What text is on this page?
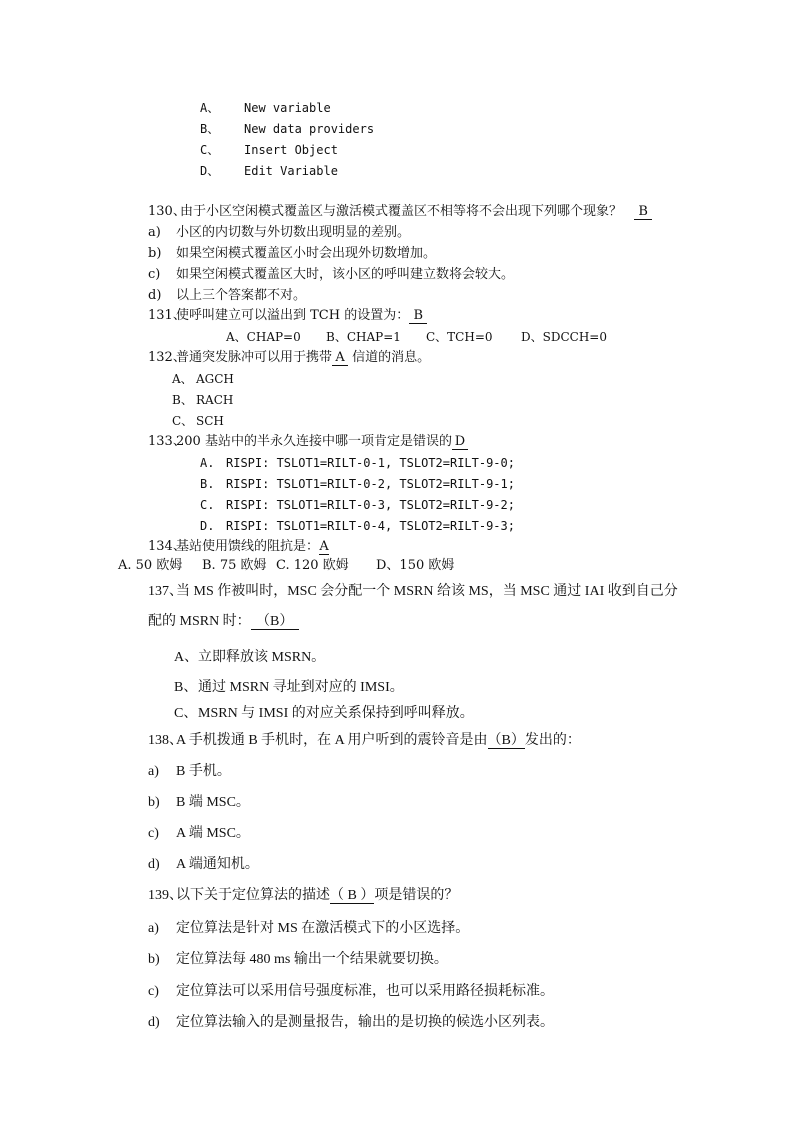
A、 New variable
B、 New data providers
C、 Insert Object
D、 Edit Variable
130、由于小区空闲模式覆盖区与激活模式覆盖区不相等将不会出现下列哪个现象？ B
a) 小区的内切数与外切数出现明显的差别。
b) 如果空闲模式覆盖区小时会出现外切数增加。
c) 如果空闲模式覆盖区大时，该小区的呼叫建立数将会较大。
d) 以上三个答案都不对。
131、使呼叫建立可以溢出到 TCH 的设置为： B
A、CHAP=0 B、CHAP=1 C、TCH=0 D、SDCCH=0
132、普通突发脉冲可以用于携带 A 信道的消息。
A、 AGCH
B、 RACH
C、 SCH
133、200 基站中的半永久连接中哪一项肯定是错误的 D
A. RISPI: TSLOT1=RILT-0-1, TSLOT2=RILT-9-0;
B. RISPI: TSLOT1=RILT-0-2, TSLOT2=RILT-9-1;
C. RISPI: TSLOT1=RILT-0-3, TSLOT2=RILT-9-2;
D. RISPI: TSLOT1=RILT-0-4, TSLOT2=RILT-9-3;
134、基站使用馈线的阻抗是：A
A. 50 欧姆 B. 75 欧姆 C. 120 欧姆 D、150 欧姆
137、当 MS 作被叫时，MSC 会分配一个 MSRN 给该 MS，当 MSC 通过 IAI 收到自己分
配的 MSRN 时： （B）
A、立即释放该 MSRN。
B、通过 MSRN 寻址到对应的 IMSI。
C、MSRN 与 IMSI 的对应关系保持到呼叫释放。
138、A 手机拨通 B 手机时，在 A 用户听到的震铃音是由（B）发出的：
a) B 手机。
b) B 端 MSC。
c) A 端 MSC。
d) A 端通知机。
139、以下关于定位算法的描述（ B ）项是错误的？
a) 定位算法是针对 MS 在激活模式下的小区选择。
b) 定位算法每 480 ms 输出一个结果就要切换。
c) 定位算法可以采用信号强度标准，也可以采用路径损耗标准。
d) 定位算法输入的是测量报告，输出的是切换的候选小区列表。
